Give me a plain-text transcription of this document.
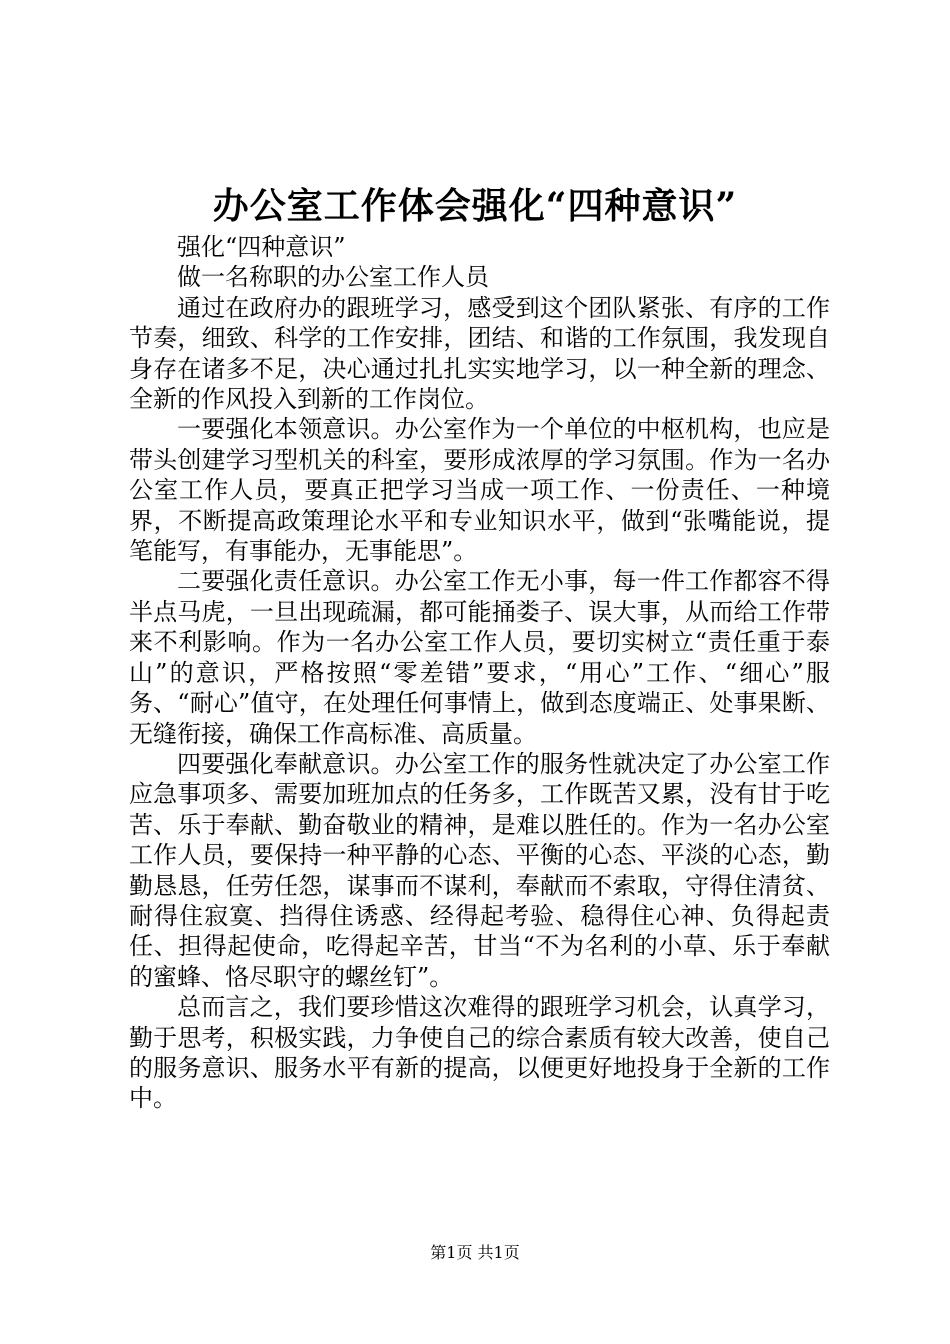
办公室工作体会强化“四种意识”

强化“四种意识”

做一名称职的办公室工作人员

通过在政府办的跟班学习，感受到这个团队紧张、有序的工作节奏，细致、科学的工作安排，团结、和谐的工作氛围，我发现自身存在诸多不足，决心通过扎扎实实地学习，以一种全新的理念、全新的作风投入到新的工作岗位。

一要强化本领意识。办公室作为一个单位的中枢机构，也应是带头创建学习型机关的科室，要形成浓厚的学习氛围。作为一名办公室工作人员，要真正把学习当成一项工作、一份责任、一种境界，不断提高政策理论水平和专业知识水平，做到“张嘴能说，提笔能写，有事能办，无事能思”。

二要强化责任意识。办公室工作无小事，每一件工作都容不得半点马虎，一旦出现疏漏，都可能捅娄子、误大事，从而给工作带来不利影响。作为一名办公室工作人员，要切实树立“责任重于泰山”的意识，严格按照“零差错”要求，“用心”工作、“细心”服务、“耐心”值守，在处理任何事情上，做到态度端正、处事果断、无缝衔接，确保工作高标准、高质量。

四要强化奉献意识。办公室工作的服务性就决定了办公室工作应急事项多、需要加班加点的任务多，工作既苦又累，没有甘于吃苦、乐于奉献、勤奋敬业的精神，是难以胜任的。作为一名办公室工作人员，要保持一种平静的心态、平衡的心态、平淡的心态，勤勤恳恳，任劳任怨，谋事而不谋利，奉献而不索取，守得住清贫、耐得住寂寞、挡得住诱惑、经得起考验、稳得住心神、负得起责任、担得起使命，吃得起辛苦，甘当“不为名利的小草、乐于奉献的蜜蜂、恪尽职守的螺丝钉”。

总而言之，我们要珍惜这次难得的跟班学习机会，认真学习，勤于思考，积极实践，力争使自己的综合素质有较大改善，使自己的服务意识、服务水平有新的提高，以便更好地投身于全新的工作中。

第1页 共1页
